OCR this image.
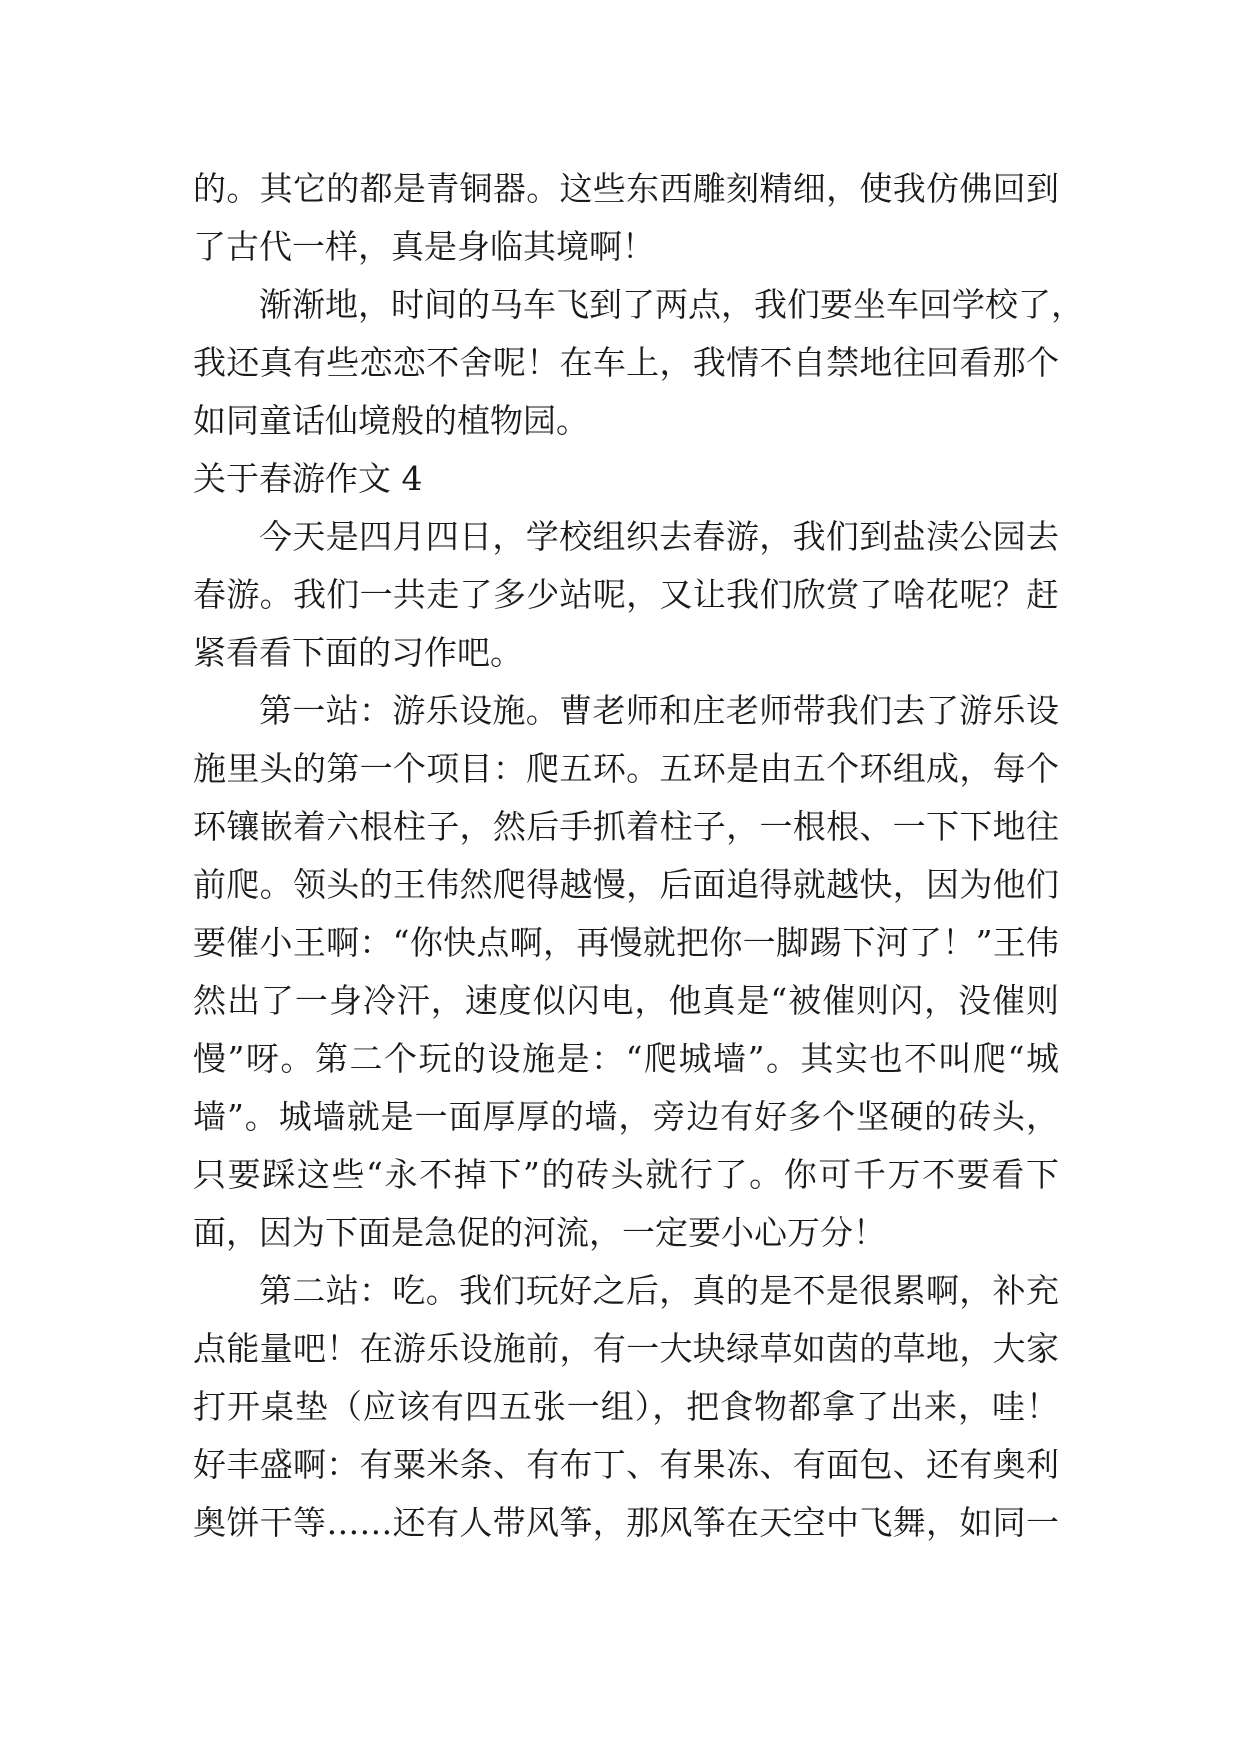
的。其它的都是青铜器。这些东西雕刻精细，使我仿佛回到
了古代一样，真是身临其境啊！
渐渐地，时间的马车飞到了两点，我们要坐车回学校了，
我还真有些恋恋不舍呢！在车上，我情不自禁地往回看那个
如同童话仙境般的植物园。
关于春游作文 4
今天是四月四日，学校组织去春游，我们到盐渎公园去
春游。我们一共走了多少站呢，又让我们欣赏了啥花呢？赶
紧看看下面的习作吧。
第一站：游乐设施。曹老师和庄老师带我们去了游乐设
施里头的第一个项目：爬五环。五环是由五个环组成，每个
环镶嵌着六根柱子，然后手抓着柱子，一根根、一下下地往
前爬。领头的王伟然爬得越慢，后面追得就越快，因为他们
要催小王啊：“你快点啊，再慢就把你一脚踢下河了！”王伟
然出了一身冷汗，速度似闪电，他真是“被催则闪，没催则
慢”呀。第二个玩的设施是：“爬城墙”。其实也不叫爬“城
墙”。城墙就是一面厚厚的墙，旁边有好多个坚硬的砖头，
只要踩这些“永不掉下”的砖头就行了。你可千万不要看下
面，因为下面是急促的河流，一定要小心万分！
第二站：吃。我们玩好之后，真的是不是很累啊，补充
点能量吧！在游乐设施前，有一大块绿草如茵的草地，大家
打开桌垫（应该有四五张一组），把食物都拿了出来，哇！
好丰盛啊：有粟米条、有布丁、有果冻、有面包、还有奥利
奥饼干等……还有人带风筝，那风筝在天空中飞舞，如同一
